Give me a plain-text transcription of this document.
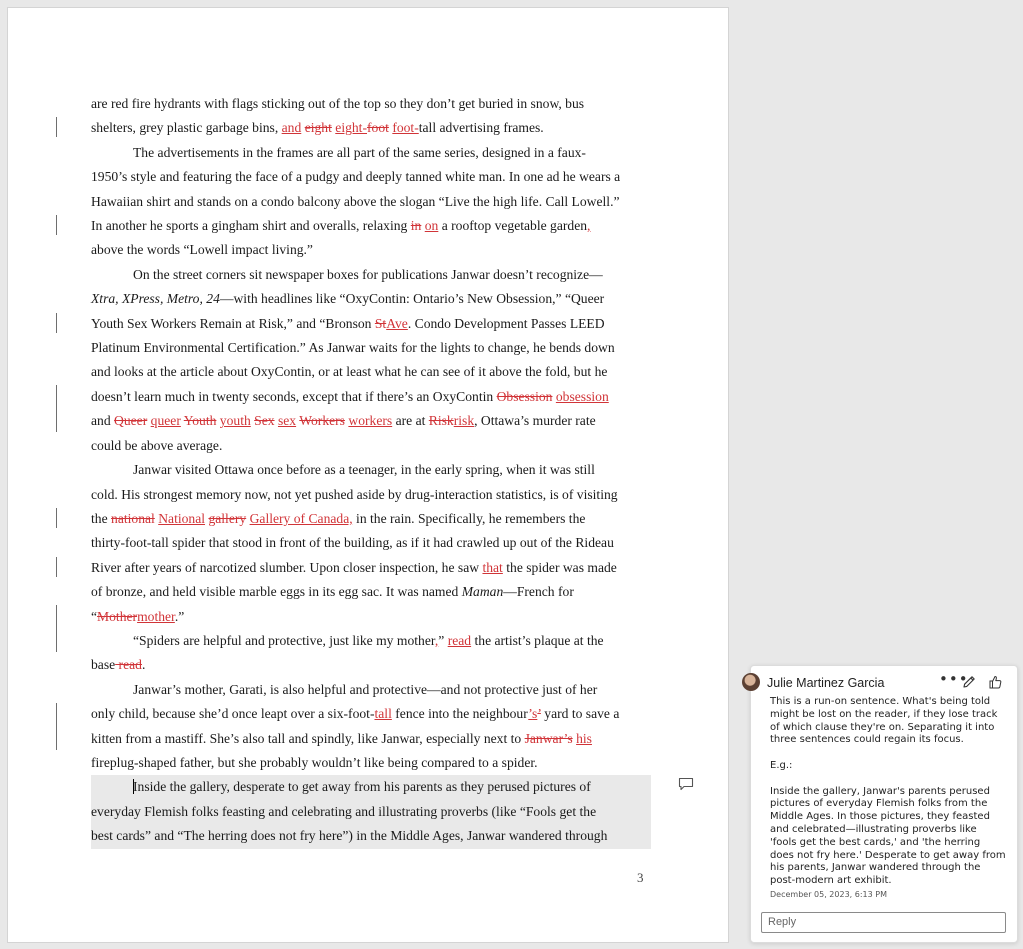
are red fire hydrants with flags sticking out of the top so they don’t get buried in snow, bus

shelters, grey plastic garbage bins, and eight eight-foot foot-tall advertising frames.

The advertisements in the frames are all part of the same series, designed in a faux-

1950’s style and featuring the face of a pudgy and deeply tanned white man. In one ad he wears a

Hawaiian shirt and stands on a condo balcony above the slogan “Live the high life. Call Lowell.”

In another he sports a gingham shirt and overalls, relaxing in on a rooftop vegetable garden,

above the words “Lowell impact living.”

On the street corners sit newspaper boxes for publications Janwar doesn’t recognize—

Xtra, XPress, Metro, 24—with headlines like “OxyContin: Ontario’s New Obsession,” “Queer

Youth Sex Workers Remain at Risk,” and “Bronson StAve. Condo Development Passes LEED

Platinum Environmental Certification.” As Janwar waits for the lights to change, he bends down

and looks at the article about OxyContin, or at least what he can see of it above the fold, but he

doesn’t learn much in twenty seconds, except that if there’s an OxyContin Obsession obsession

and Queer queer Youth youth Sex sex Workers workers are at Riskrisk, Ottawa’s murder rate

could be above average.

Janwar visited Ottawa once before as a teenager, in the early spring, when it was still

cold. His strongest memory now, not yet pushed aside by drug-interaction statistics, is of visiting

the national National gallery Gallery of Canada, in the rain. Specifically, he remembers the

thirty-foot-tall spider that stood in front of the building, as if it had crawled up out of the Rideau

River after years of narcotized slumber. Upon closer inspection, he saw that the spider was made

of bronze, and held visible marble eggs in its egg sac. It was named Maman—French for

“Mothermother.”

“Spiders are helpful and protective, just like my mother,” read the artist’s plaque at the

base read.

Janwar’s mother, Garati, is also helpful and protective—and not protective just of her

only child, because she’d once leapt over a six-foot-tall fence into the neighbour’s’ yard to save a

kitten from a mastiff. She’s also tall and spindly, like Janwar, especially next to Janwar’s his

fireplug-shaped father, but she probably wouldn’t like being compared to a spider.

Inside the gallery, desperate to get away from his parents as they perused pictures of

everyday Flemish folks feasting and celebrating and illustrating proverbs (like “Fools get the

best cards” and “The herring does not fry here”) in the Middle Ages, Janwar wandered through

3
Julie Martinez Garcia	•••

This is a run-on sentence. What's being told

might be lost on the reader, if they lose track

of which clause they're on. Separating it into

three sentences could regain its focus.

E.g.:

Inside the gallery, Janwar's parents perused

pictures of everyday Flemish folks from the

Middle Ages. In those pictures, they feasted

and celebrated—illustrating proverbs like

'fools get the best cards,' and 'the herring

does not fry here.' Desperate to get away from

his parents, Janwar wandered through the

post-modern art exhibit.

December 05, 2023, 6:13 PM
Reply
